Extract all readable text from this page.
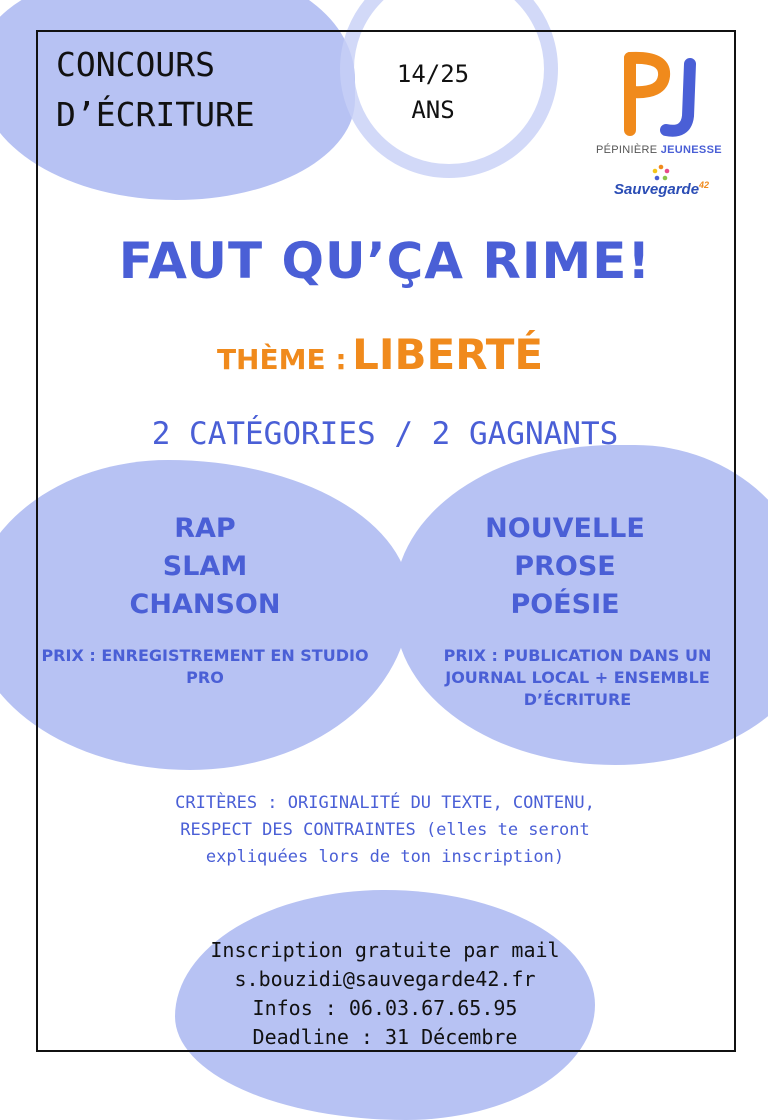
CONCOURS
D’ÉCRITURE
14/25
ANS
PÉPINIÈRE JEUNESSE
Sauvegarde$^{42}$
FAUT QU’ÇA RIME!
THÈME : LIBERTÉ
2 CATÉGORIES / 2 GAGNANTS
RAP
SLAM
CHANSON
PRIX : ENREGISTREMENT EN STUDIO PRO
NOUVELLE
PROSE
POÉSIE
PRIX : PUBLICATION DANS UN JOURNAL LOCAL + ENSEMBLE D’ÉCRITURE
CRITÈRES : ORIGINALITÉ DU TEXTE, CONTENU,
RESPECT DES CONTRAINTES (elles te seront
expliquées lors de ton inscription)
Inscription gratuite par mail
s.bouzidi@sauvegarde42.fr
Infos : 06.03.67.65.95
Deadline : 31 Décembre
